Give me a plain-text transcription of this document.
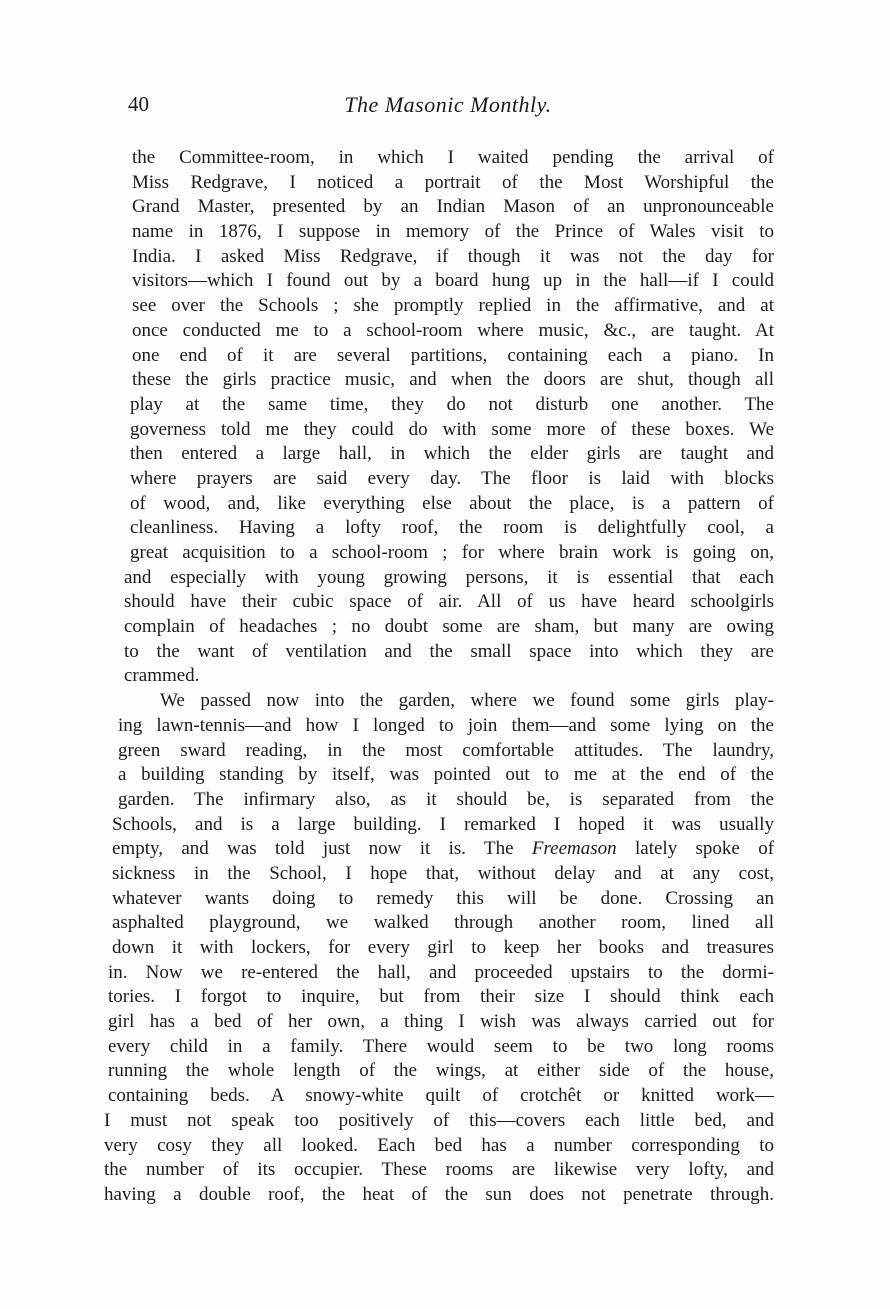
40	The Masonic Monthly.
the Committee-room, in which I waited pending the arrival of
Miss Redgrave, I noticed a portrait of the Most Worshipful the
Grand Master, presented by an Indian Mason of an unpronounceable
name in 1876, I suppose in memory of the Prince of Wales visit to
India. I asked Miss Redgrave, if though it was not the day for
visitors—which I found out by a board hung up in the hall—if I could
see over the Schools ; she promptly replied in the affirmative, and at
once conducted me to a school-room where music, &c., are taught. At
one end of it are several partitions, containing each a piano. In
these the girls practice music, and when the doors are shut, though all
play at the same time, they do not disturb one another. The
governess told me they could do with some more of these boxes. We
then entered a large hall, in which the elder girls are taught and
where prayers are said every day. The floor is laid with blocks
of wood, and, like everything else about the place, is a pattern of
cleanliness. Having a lofty roof, the room is delightfully cool, a
great acquisition to a school-room ; for where brain work is going on,
and especially with young growing persons, it is essential that each
should have their cubic space of air. All of us have heard schoolgirls
complain of headaches ; no doubt some are sham, but many are owing
to the want of ventilation and the small space into which they are
crammed.
We passed now into the garden, where we found some girls play-
ing lawn-tennis—and how I longed to join them—and some lying on the
green sward reading, in the most comfortable attitudes. The laundry,
a building standing by itself, was pointed out to me at the end of the
garden. The infirmary also, as it should be, is separated from the
Schools, and is a large building. I remarked I hoped it was usually
empty, and was told just now it is. The Freemason lately spoke of
sickness in the School, I hope that, without delay and at any cost,
whatever wants doing to remedy this will be done. Crossing an
asphalted playground, we walked through another room, lined all
down it with lockers, for every girl to keep her books and treasures
in. Now we re-entered the hall, and proceeded upstairs to the dormi-
tories. I forgot to inquire, but from their size I should think each
girl has a bed of her own, a thing I wish was always carried out for
every child in a family. There would seem to be two long rooms
running the whole length of the wings, at either side of the house,
containing beds. A snowy-white quilt of crotchêt or knitted work—
I must not speak too positively of this—covers each little bed, and
very cosy they all looked. Each bed has a number corresponding to
the number of its occupier. These rooms are likewise very lofty, and
having a double roof, the heat of the sun does not penetrate through.
